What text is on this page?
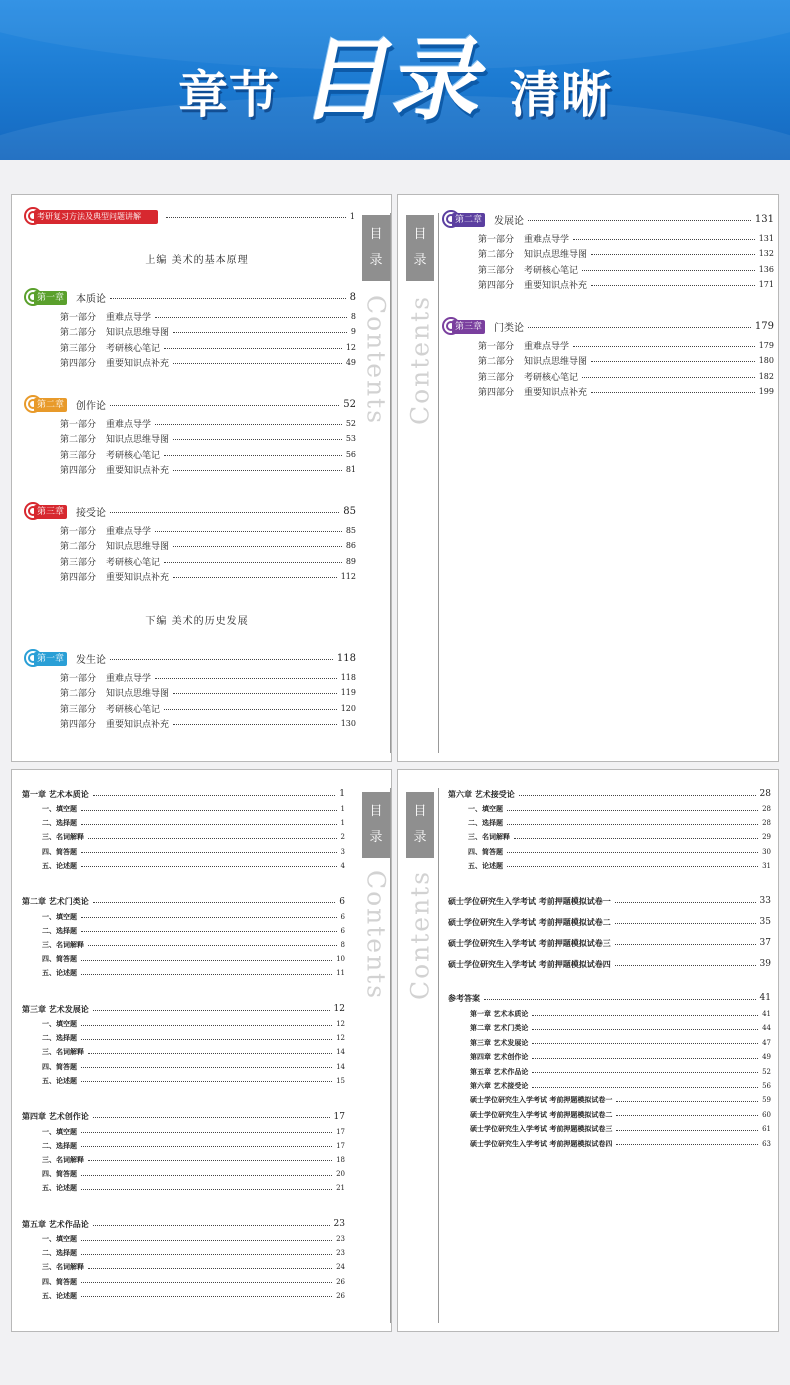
章节 目录 清晰
目
录
Contents
考研复习方法及典型问题讲解	1
上编 美术的基本原理
第一章	本质论	8
第一部分	重难点导学	8
第二部分	知识点思维导图	9
第三部分	考研核心笔记	12
第四部分	重要知识点补充	49
第二章	创作论	52
第一部分	重难点导学	52
第二部分	知识点思维导图	53
第三部分	考研核心笔记	56
第四部分	重要知识点补充	81
第三章	接受论	85
第一部分	重难点导学	85
第二部分	知识点思维导图	86
第三部分	考研核心笔记	89
第四部分	重要知识点补充	112
下编 美术的历史发展
第一章	发生论	118
第一部分	重难点导学	118
第二部分	知识点思维导图	119
第三部分	考研核心笔记	120
第四部分	重要知识点补充	130
目
录
Contents
第二章	发展论	131
第一部分	重难点导学	131
第二部分	知识点思维导图	132
第三部分	考研核心笔记	136
第四部分	重要知识点补充	171
第三章	门类论	179
第一部分	重难点导学	179
第二部分	知识点思维导图	180
第三部分	考研核心笔记	182
第四部分	重要知识点补充	199
目
录
Contents
第一章 艺术本质论	1
一、填空题	1
二、选择题	1
三、名词解释	2
四、简答题	3
五、论述题	4
第二章 艺术门类论	6
一、填空题	6
二、选择题	6
三、名词解释	8
四、简答题	10
五、论述题	11
第三章 艺术发展论	12
一、填空题	12
二、选择题	12
三、名词解释	14
四、简答题	14
五、论述题	15
第四章 艺术创作论	17
一、填空题	17
二、选择题	17
三、名词解释	18
四、简答题	20
五、论述题	21
第五章 艺术作品论	23
一、填空题	23
二、选择题	23
三、名词解释	24
四、简答题	26
五、论述题	26
目
录
Contents
第六章 艺术接受论	28
一、填空题	28
二、选择题	28
三、名词解释	29
四、简答题	30
五、论述题	31
硕士学位研究生入学考试 考前押题模拟试卷一	33
硕士学位研究生入学考试 考前押题模拟试卷二	35
硕士学位研究生入学考试 考前押题模拟试卷三	37
硕士学位研究生入学考试 考前押题模拟试卷四	39
参考答案	41
第一章 艺术本质论	41
第二章 艺术门类论	44
第三章 艺术发展论	47
第四章 艺术创作论	49
第五章 艺术作品论	52
第六章 艺术接受论	56
硕士学位研究生入学考试 考前押题模拟试卷一	59
硕士学位研究生入学考试 考前押题模拟试卷二	60
硕士学位研究生入学考试 考前押题模拟试卷三	61
硕士学位研究生入学考试 考前押题模拟试卷四	63
